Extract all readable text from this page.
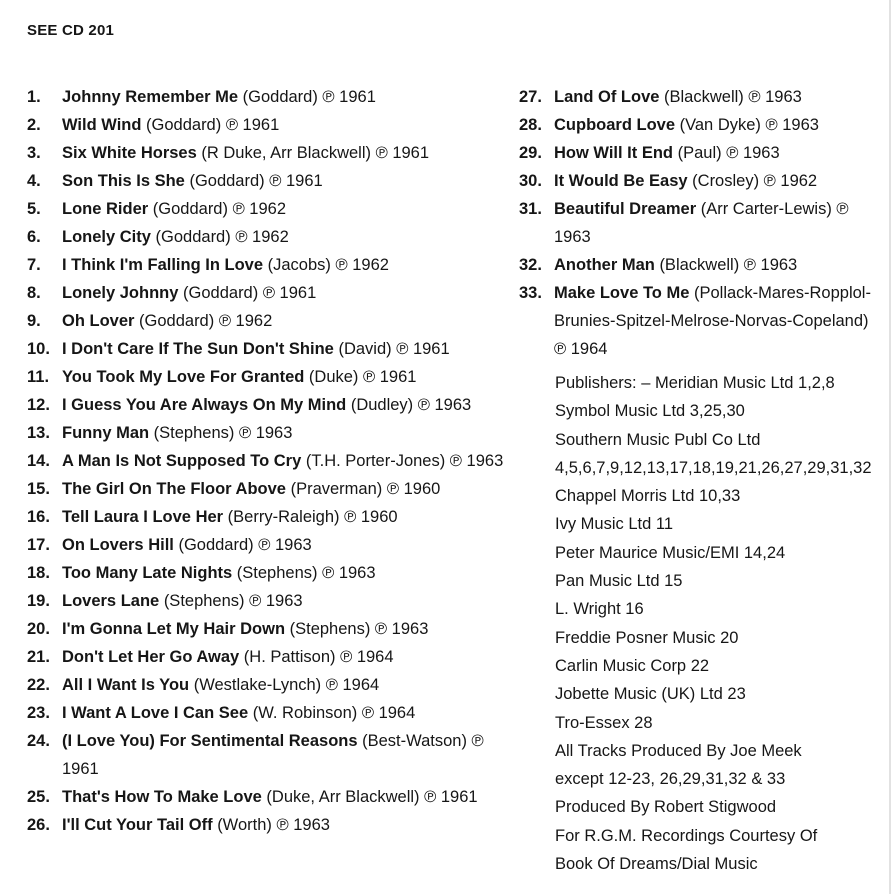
SEE CD 201
1. Johnny Remember Me (Goddard) ℗ 1961
2. Wild Wind (Goddard) ℗ 1961
3. Six White Horses (R Duke, Arr Blackwell) ℗ 1961
4. Son This Is She (Goddard) ℗ 1961
5. Lone Rider (Goddard) ℗ 1962
6. Lonely City (Goddard) ℗ 1962
7. I Think I'm Falling In Love (Jacobs) ℗ 1962
8. Lonely Johnny (Goddard) ℗ 1961
9. Oh Lover (Goddard) ℗ 1962
10. I Don't Care If The Sun Don't Shine (David) ℗ 1961
11. You Took My Love For Granted (Duke) ℗ 1961
12. I Guess You Are Always On My Mind (Dudley) ℗ 1963
13. Funny Man (Stephens) ℗ 1963
14. A Man Is Not Supposed To Cry (T.H. Porter-Jones) ℗ 1963
15. The Girl On The Floor Above (Praverman) ℗ 1960
16. Tell Laura I Love Her (Berry-Raleigh) ℗ 1960
17. On Lovers Hill (Goddard) ℗ 1963
18. Too Many Late Nights (Stephens) ℗ 1963
19. Lovers Lane (Stephens) ℗ 1963
20. I'm Gonna Let My Hair Down (Stephens) ℗ 1963
21. Don't Let Her Go Away (H. Pattison) ℗ 1964
22. All I Want Is You (Westlake-Lynch) ℗ 1964
23. I Want A Love I Can See (W. Robinson) ℗ 1964
24. (I Love You) For Sentimental Reasons (Best-Watson) ℗ 1961
25. That's How To Make Love (Duke, Arr Blackwell) ℗ 1961
26. I'll Cut Your Tail Off (Worth) ℗ 1963
27. Land Of Love (Blackwell) ℗ 1963
28. Cupboard Love (Van Dyke) ℗ 1963
29. How Will It End (Paul) ℗ 1963
30. It Would Be Easy (Crosley) ℗ 1962
31. Beautiful Dreamer (Arr Carter-Lewis) ℗ 1963
32. Another Man (Blackwell) ℗ 1963
33. Make Love To Me (Pollack-Mares-Ropplol-Brunies-Spitzel-Melrose-Norvas-Copeland) ℗ 1964
Publishers: – Meridian Music Ltd 1,2,8
Symbol Music Ltd 3,25,30
Southern Music Publ Co Ltd
4,5,6,7,9,12,13,17,18,19,21,26,27,29,31,32
Chappel Morris Ltd 10,33
Ivy Music Ltd 11
Peter Maurice Music/EMI 14,24
Pan Music Ltd 15
L. Wright 16
Freddie Posner Music 20
Carlin Music Corp 22
Jobette Music (UK) Ltd 23
Tro-Essex 28
All Tracks Produced By Joe Meek
except 12-23, 26,29,31,32 & 33
Produced By Robert Stigwood
For R.G.M. Recordings Courtesy Of
Book Of Dreams/Dial Music
